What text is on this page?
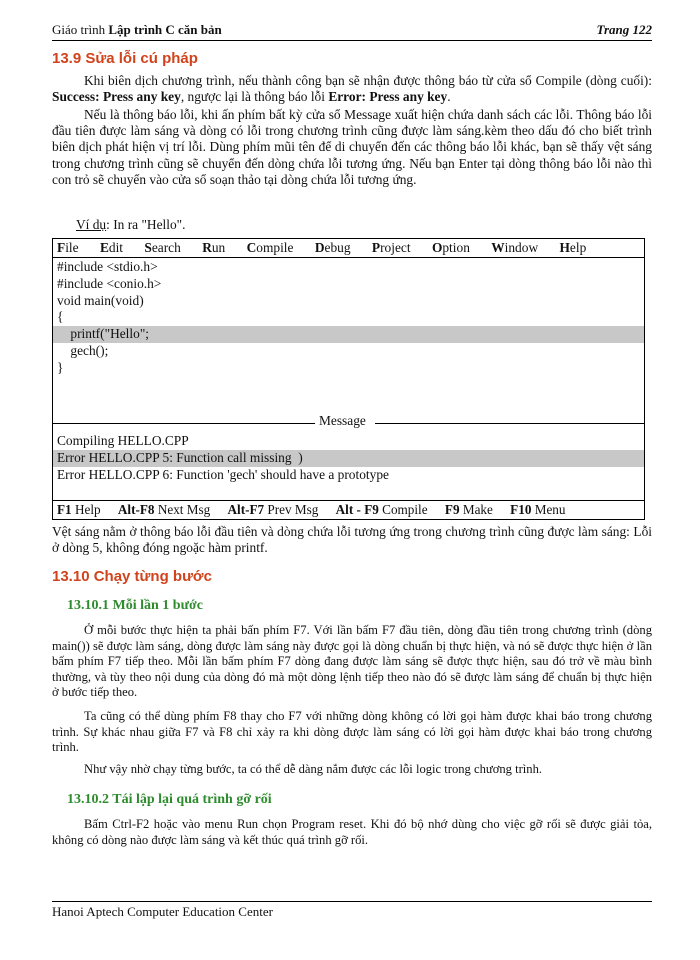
Giáo trình Lập trình C căn bản	Trang 122
13.9 Sửa lỗi cú pháp
Khi biên dịch chương trình, nếu thành công bạn sẽ nhận được thông báo từ cửa sổ Compile (dòng cuối): Success: Press any key, ngược lại là thông báo lỗi Error: Press any key.
Nếu là thông báo lỗi, khi ấn phím bất kỳ cửa sổ Message xuất hiện chứa danh sách các lỗi. Thông báo lỗi đầu tiên được làm sáng và dòng có lỗi trong chương trình cũng được làm sáng.kèm theo dấu đó cho biết trình biên dịch phát hiện vị trí lỗi. Dùng phím mũi tên để di chuyển đến các thông báo lỗi khác, bạn sẽ thấy vệt sáng trong chương trình cũng sẽ chuyển đến dòng chứa lỗi tương ứng. Nếu bạn Enter tại dòng thông báo lỗi nào thì con trỏ sẽ chuyển vào cửa sổ soạn thảo tại dòng chứa lỗi tương ứng.
Ví dụ: In ra "Hello".
File Edit Search Run Compile Debug Project Option Window Help
#include <stdio.h>
#include <conio.h>
void main(void)
{
printf("Hello";
gech();
}
Message
Compiling HELLO.CPP
Error HELLO.CPP 5: Function call missing  )
Error HELLO.CPP 6: Function 'gech' should have a prototype
F1 Help Alt-F8 Next Msg Alt-F7 Prev Msg Alt - F9 Compile F9 Make F10 Menu
Vệt sáng nằm ở thông báo lỗi đầu tiên và dòng chứa lỗi tương ứng trong chương trình cũng được làm sáng: Lỗi ở dòng 5, không đóng ngoặc hàm printf.
13.10 Chạy từng bước
13.10.1 Mỗi lần 1 bước
Ở mỗi bước thực hiện ta phải bấn phím F7. Với lần bấm F7 đầu tiên, dòng đầu tiên trong chương trình (dòng main()) sẽ được làm sáng, dòng được làm sáng này được gọi là dòng chuẩn bị thực hiện, và nó sẽ được thực hiện ở lần bấm phím F7 tiếp theo. Mỗi lần bấm phím F7 dòng đang được làm sáng sẽ được thực hiện, sau đó trở về màu bình thường, và tùy theo nội dung của dòng đó mà một dòng lệnh tiếp theo nào đó sẽ được làm sáng để chuẩn bị thực hiện ở bước tiếp theo.
Ta cũng có thể dùng phím F8 thay cho F7 với những dòng không có lời gọi hàm được khai báo trong chương trình. Sự khác nhau giữa F7 và F8 chỉ xảy ra khi dòng được làm sáng có lời gọi hàm được khai báo trong chương trình.
Như vậy nhờ chạy từng bước, ta có thể dễ dàng nắm được các lỗi logic trong chương trình.
13.10.2 Tái lập lại quá trình gỡ rối
Bấm Ctrl-F2 hoặc vào menu Run chọn Program reset. Khi đó bộ nhớ dùng cho việc gỡ rối sẽ được giải tỏa, không có dòng nào được làm sáng và kết thúc quá trình gỡ rối.
Hanoi Aptech Computer Education Center
